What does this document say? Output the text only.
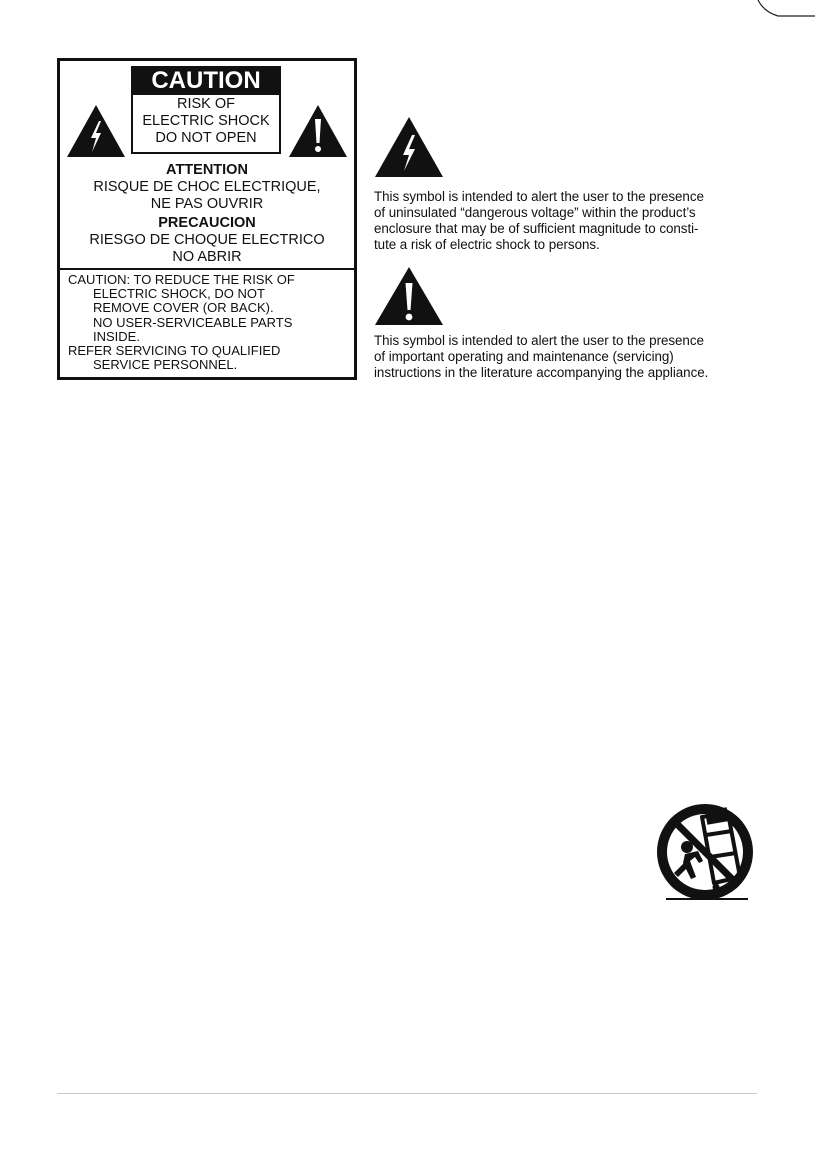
CAUTION
RISK OF
ELECTRIC SHOCK
DO NOT OPEN
ATTENTION
RISQUE DE CHOC ELECTRIQUE,
NE PAS OUVRIR
PRECAUCION
RIESGO DE CHOQUE ELECTRICO
NO ABRIR
CAUTION: TO REDUCE THE RISK OF
ELECTRIC SHOCK, DO NOT
REMOVE COVER (OR BACK).
NO USER-SERVICEABLE PARTS
INSIDE.
REFER SERVICING TO QUALIFIED
SERVICE PERSONNEL.
This symbol is intended to alert the user to the presence
of uninsulated “dangerous voltage” within the product’s
enclosure that may be of sufficient magnitude to consti-
tute a risk of electric shock to persons.
This symbol is intended to alert the user to the presence
of important operating and maintenance (servicing)
instructions in the literature accompanying the appliance.
